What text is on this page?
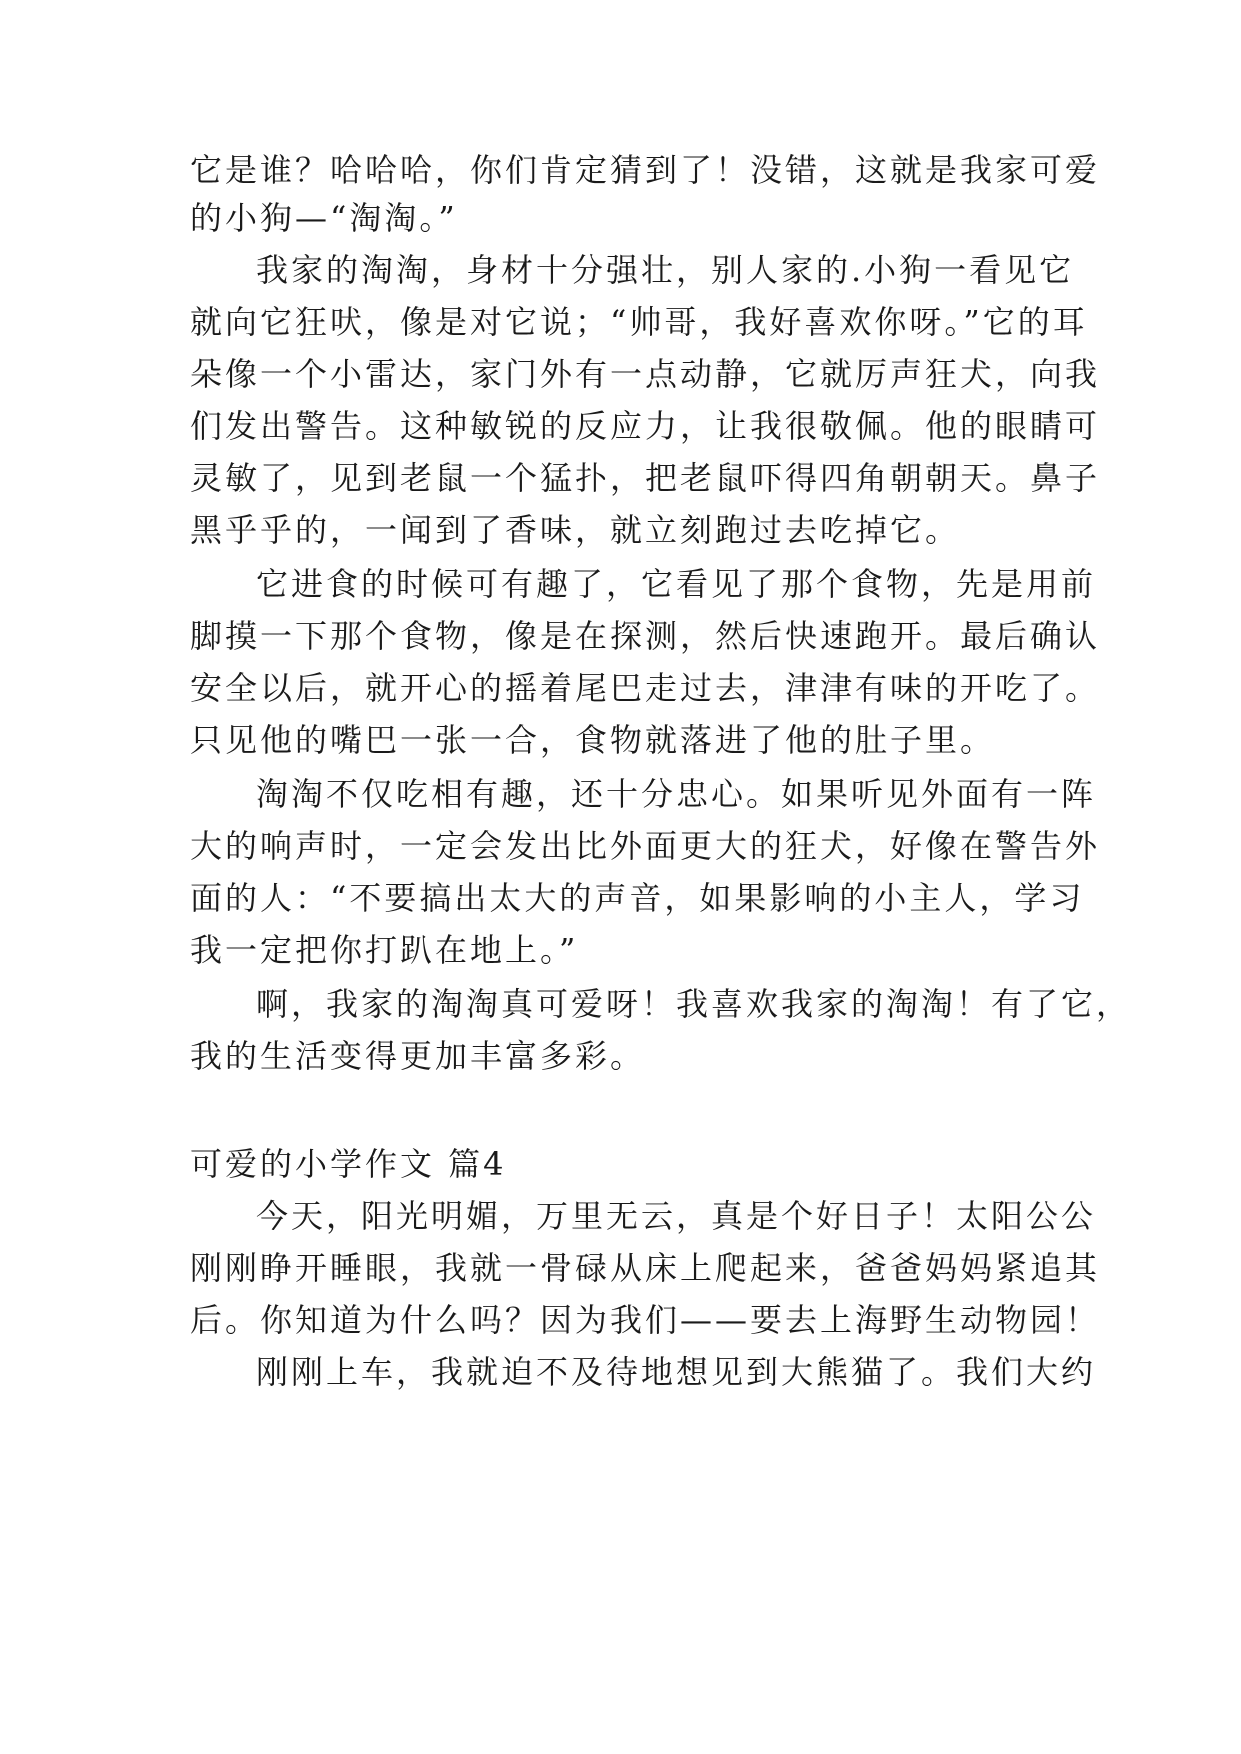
它是谁？哈哈哈，你们肯定猜到了！没错，这就是我家可爱
的小狗—“淘淘。”
我家的淘淘，身材十分强壮，别人家的.小狗一看见它
就向它狂吠，像是对它说；“帅哥，我好喜欢你呀。”它的耳
朵像一个小雷达，家门外有一点动静，它就厉声狂犬，向我
们发出警告。这种敏锐的反应力，让我很敬佩。他的眼睛可
灵敏了，见到老鼠一个猛扑，把老鼠吓得四角朝朝天。鼻子
黑乎乎的，一闻到了香味，就立刻跑过去吃掉它。
它进食的时候可有趣了，它看见了那个食物，先是用前
脚摸一下那个食物，像是在探测，然后快速跑开。最后确认
安全以后，就开心的摇着尾巴走过去，津津有味的开吃了。
只见他的嘴巴一张一合，食物就落进了他的肚子里。
淘淘不仅吃相有趣，还十分忠心。如果听见外面有一阵
大的响声时，一定会发出比外面更大的狂犬，好像在警告外
面的人：“不要搞出太大的声音，如果影响的小主人，学习
我一定把你打趴在地上。”
啊，我家的淘淘真可爱呀！我喜欢我家的淘淘！有了它，
我的生活变得更加丰富多彩。
可爱的小学作文 篇4
今天，阳光明媚，万里无云，真是个好日子！太阳公公
刚刚睁开睡眼，我就一骨碌从床上爬起来，爸爸妈妈紧追其
后。你知道为什么吗？因为我们——要去上海野生动物园！
刚刚上车，我就迫不及待地想见到大熊猫了。我们大约
